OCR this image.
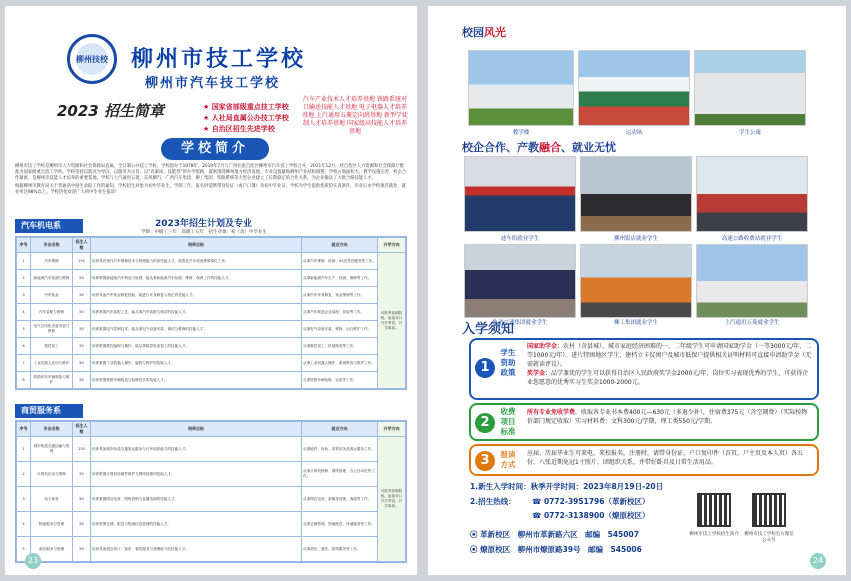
柳州技校 柳州市技工学校
柳州市汽车技工学校
2023 招生简章	★ 国家省部级重点技工学校
★ 人社局直属公办技工学校
★ 自治区招生先进学校
汽车产业技术人才培养基地 铁路系统对口输送技能人才基地 电子电器人才培养基地 上汽通用五菱定向班基地 新型学徒制人才培养基地 国家级高技能人才培养基地
学校简介

柳州市技工学校是柳州市人力资源和社会保障局直属、全日制公办技工学校。学校创办于1978年，2019年7月与广西壮族自治区柳州市汽车技工学校合并，2011年12月，经自治区人力资源和社会保障厅批准为国家级重点技工学校。学校坚持以就业为导向、以服务为宗旨，以“高素质、技能型”的办学思路，紧密围绕柳州地方经济发展，专业设置紧贴柳州产业结构调整。学校占地面积大，教学设施完善，校企合作紧密，是柳州市技能人才培养的重要基地。学校与上汽通用五菱、东风柳汽、广西汽车集团、柳工集团、铁路系统等大型企业建立了长期稳定的合作关系，为企业输送了大批合格技能人才。

根据柳州市教育局关于普通高中招生录取工作的通知，学校招生对象为初中毕业生，学制三年，报名时需携带身份证（或户口簿）及初中毕业证。学校为学生提供优质的实训条件，毕业后由学校推荐就业，就业率达98%以上。学校热忱欢迎广大初中毕业生报读！

汽车机电系	2023年招生计划及专业
学制：中级工三年　高级工五年　招生对象：初（高）中毕业生
序号	专业名称	招生人数	培养目标	就业方向	升学方向
1	汽车维修	150	培养具有现代汽车维修技术与管理能力的高技能人才，能胜任汽车机电维修岗位工作。	从事汽车维修、检测、4S店售后服务等工作。	可报考高职院校，参加对口升学考试，升学率高。
2	新能源汽车检测与维修	50	培养掌握新能源汽车构造与原理，能从事新能源汽车检测、维修、保养工作的技能人才。	从事新能源汽车生产、检测、维修等工作。	
3	汽车钣金	50	培养具备汽车钣金修复技能，能进行车身修复与校正的技能人才。	从事汽车车身修复、钣金维修等工作。	
4	汽车装配与维修	50	培养掌握汽车装配工艺，能从事汽车装配与调试的技能人才。	从事汽车制造企业装配、质检等工作。	
5	电气自动化设备安装与维修	50	培养掌握电气控制技术，能从事电气设备安装、调试与维修的技能人才。	从事电气设备安装、维修、运行维护工作。	
6	数控加工	50	培养掌握数控编程与操作，能从事数控机床加工的技能人才。	从事数控加工、机械制造等工作。	
7	工业机器人应用与维护	50	培养掌握工业机器人操作、编程与维护的技能人才。	从事工业机器人操作、系统集成与维护工作。	
8	铁路机车车辆制造与维护	50	培养掌握铁路车辆构造与检修技术的技能人才。	从事铁路车辆检修、运用等工作。	
商贸服务系
序号	专业名称	招生人数	培养目标	就业方向	升学方向
1	城市轨道交通运输与管理	150	培养具备城市轨道交通客运服务与行车组织能力的技能人才。	从事地铁、轻轨、高铁站务及客运服务工作。	可报考高职院校，参加对口升学考试，升学率高。
2	计算机应用与维修	50	培养掌握计算机软硬件维护与网络管理的技能人才。	从事计算机维修、网络管理、办公自动化等工作。	
3	电子商务	50	培养掌握网店运营、网络营销与直播电商的技能人才。	从事网店运营、新媒体营销、客服等工作。	
4	物流服务与管理	50	培养掌握仓储、配送与物流信息管理的技能人才。	从事仓储管理、物流配送、快递服务等工作。	
5	酒店服务与管理	50	培养具备酒店前厅、客房、餐饮服务与管理能力的技能人才。	从事酒店、餐饮、旅游服务等工作。	
23
校园风光
教学楼	运动场	学生公寓
校企合作、产教融合、就业无忧
迪车组就业学生	柳州饭店就业学生	高速公路收费站就业学生
轨道交通集团就业学生	柳工集团就业学生	上汽通用五菱就业学生
24
入学须知
1
学生资助政策
国家助学金：农村（含县城）、城市家庭经济困难的一、二年级学生可申请国家助学金（一等3000元/年、二等1000元/年）。进片特困地区学生、建档立卡贫困户及城市低保户提供相关证明材料可直接申请助学金（无需就读评议）。
奖学金：品学兼优的学生可以获得自治区人民政府奖学金2000元/年，岗位实习表现优秀的学生，可获得企业您愿意的优秀实习生奖金1000-2000元。
2
收费项目标准
所有专业免收学费，收取各专业书本费400元—630元（多退少补），住宿费375元（含空调费）（实际按物价部门规定收取）实习材料费：文科300元/学期，理工类550元/学期。
3	报读方式
应届、历届毕业生可来电、来校报名，注册时，请带身份证、户口复印件（首页、户主页及本人页）各五份、八张近期免冠1寸照片、团组织关系，并带好卧具及日常生活用品。
1.新生入学时间：秋季开学时间：2023年8月19日-20日
2.招生热线： ☎ 0772-3951796（革新校区）
☎ 0772-3138900（燎原校区）
⦿ 革新校区　柳州市革新路六区　邮编　545007
⦿ 燎原校区　柳州市燎原路39号　邮编　545006
柳州市技工学校招生简介 柳州市技工学校官方微信公众号
